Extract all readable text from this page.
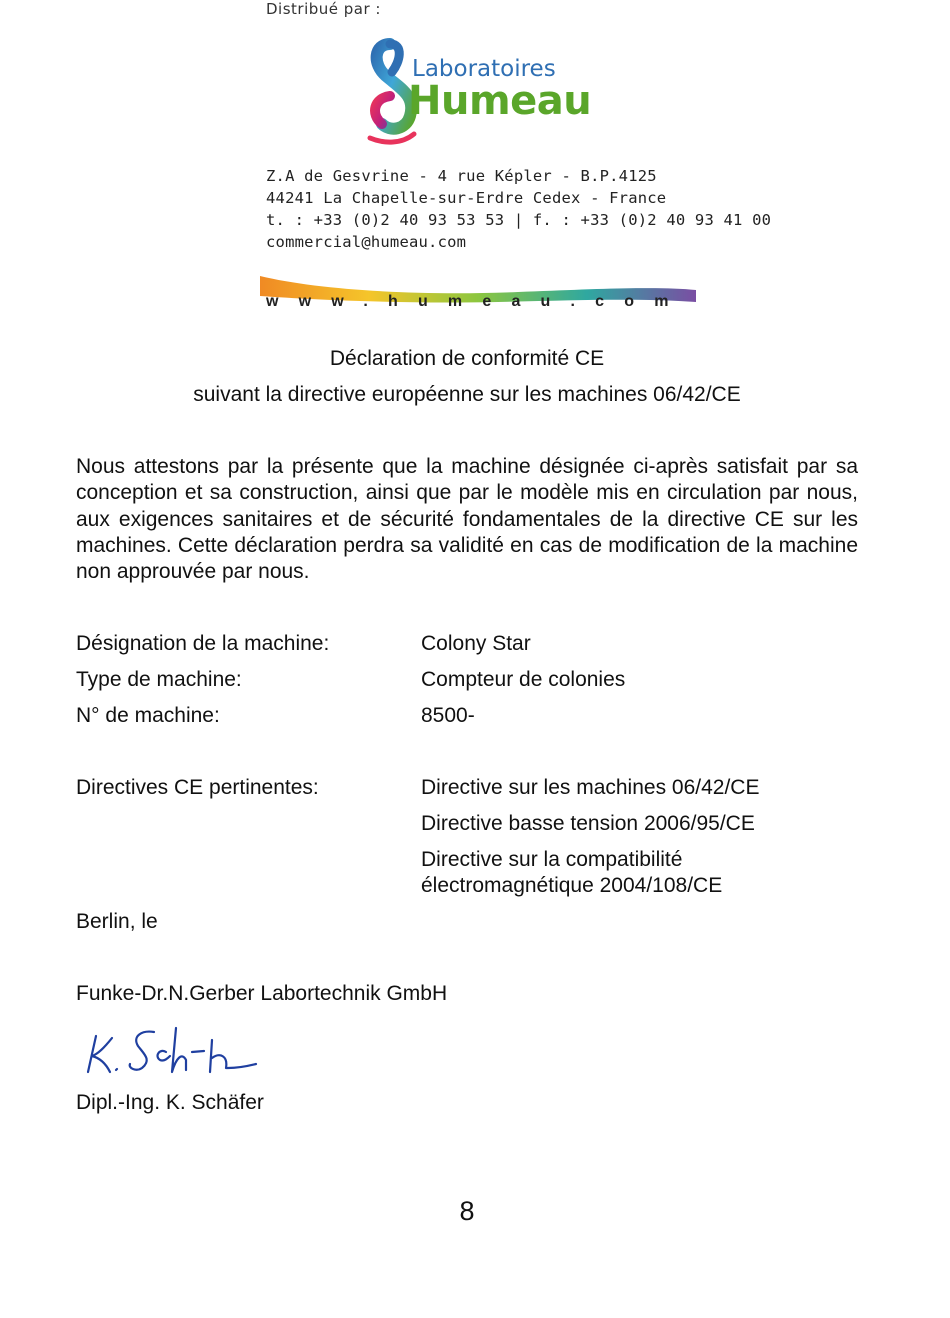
Distribué par :
Laboratoires
Humeau
Z.A de Gesvrine - 4 rue Képler - B.P.4125
44241 La Chapelle-sur-Erdre Cedex - France
t. : +33 (0)2 40 93 53 53 | f. : +33 (0)2 40 93 41 00
commercial@humeau.com
www.humeau.com
Déclaration de conformité CE
suivant la directive européenne sur les machines 06/42/CE
Nous attestons par la présente que la machine désignée ci-après satisfait par sa conception et sa construction, ainsi que par le modèle mis en circulation par nous, aux exigences sanitaires et de sécurité fondamentales de la directive CE sur les machines. Cette déclaration perdra sa validité en cas de modification de la machine non approuvée par nous.
Désignation de la machine:	Colony Star
Type de machine:	Compteur de colonies
N° de machine:	8500-
Directives CE pertinentes:	Directive sur les machines 06/42/CE
Directive basse tension 2006/95/CE
Directive sur la compatibilité
électromagnétique 2004/108/CE
Berlin, le
Funke-Dr.N.Gerber Labortechnik GmbH
Dipl.-Ing. K. Schäfer
8
